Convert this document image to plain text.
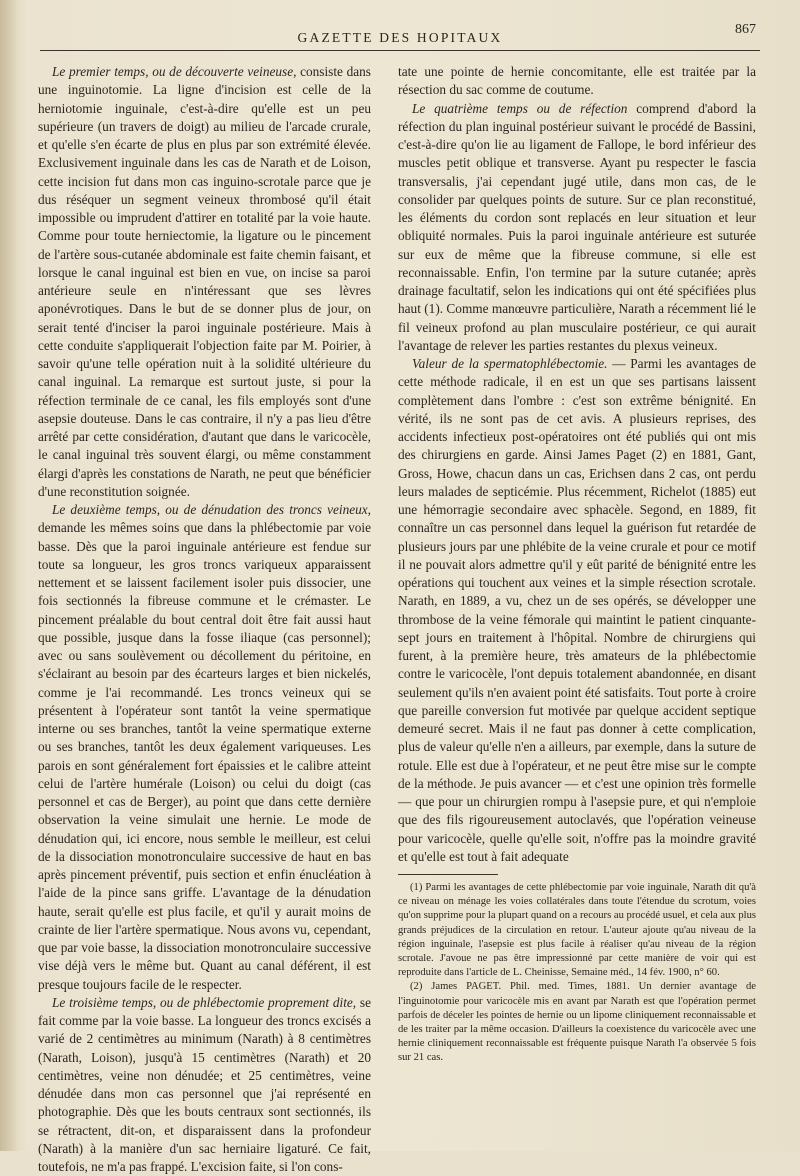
GAZETTE DES HOPITAUX
867

Le premier temps, ou de découverte veineuse, consiste dans une inguinotomie. La ligne d'incision est celle de la herniotomie inguinale, c'est-à-dire qu'elle est un peu supérieure (un travers de doigt) au milieu de l'arcade crurale, et qu'elle s'en écarte de plus en plus par son extrémité élevée. Exclusivement inguinale dans les cas de Narath et de Loison, cette incision fut dans mon cas inguino-scrotale parce que je dus réséquer un segment veineux thrombosé qu'il était impossible ou imprudent d'attirer en totalité par la voie haute. Comme pour toute herniectomie, la ligature ou le pincement de l'artère sous-cutanée abdominale est faite chemin faisant, et lorsque le canal inguinal est bien en vue, on incise sa paroi antérieure seule en n'intéressant que ses lèvres aponévrotiques. Dans le but de se donner plus de jour, on serait tenté d'inciser la paroi inguinale postérieure. Mais à cette conduite s'appliquerait l'objection faite par M. Poirier, à savoir qu'une telle opération nuit à la solidité ultérieure du canal inguinal. La remarque est surtout juste, si pour la réfection terminale de ce canal, les fils employés sont d'une asepsie douteuse. Dans le cas contraire, il n'y a pas lieu d'être arrêté par cette considération, d'autant que dans le varicocèle, le canal inguinal très souvent élargi, ou même constamment élargi d'après les constations de Narath, ne peut que bénéficier d'une reconstitution soignée.

Le deuxième temps, ou de dénudation des troncs veineux, demande les mêmes soins que dans la phlébectomie par voie basse. Dès que la paroi inguinale antérieure est fendue sur toute sa longueur, les gros troncs variqueux apparaissent nettement et se laissent facilement isoler puis dissocier, une fois sectionnés la fibreuse commune et le crémaster. Le pincement préalable du bout central doit être fait aussi haut que possible, jusque dans la fosse iliaque (cas personnel); avec ou sans soulèvement ou décollement du péritoine, en s'éclairant au besoin par des écarteurs larges et bien nickelés, comme je l'ai recommandé. Les troncs veineux qui se présentent à l'opérateur sont tantôt la veine spermatique interne ou ses branches, tantôt la veine spermatique externe ou ses branches, tantôt les deux également variqueuses. Les parois en sont généralement fort épaissies et le calibre atteint celui de l'artère humérale (Loison) ou celui du doigt (cas personnel et cas de Berger), au point que dans cette dernière observation la veine simulait une hernie. Le mode de dénudation qui, ici encore, nous semble le meilleur, est celui de la dissociation monotronculaire successive de haut en bas après pincement préventif, puis section et enfin énucléation à l'aide de la pince sans griffe. L'avantage de la dénudation haute, serait qu'elle est plus facile, et qu'il y aurait moins de crainte de lier l'artère spermatique. Nous avons vu, cependant, que par voie basse, la dissociation monotronculaire successive vise déjà vers le même but. Quant au canal déférent, il est presque toujours facile de le respecter.

Le troisième temps, ou de phlébectomie proprement dite, se fait comme par la voie basse. La longueur des troncs excisés a varié de 2 centimètres au minimum (Narath) à 8 centimètres (Narath, Loison), jusqu'à 15 centimètres (Narath) et 20 centimètres, veine non dénudée; et 25 centimètres, veine dénudée dans mon cas personnel que j'ai représenté en photographie. Dès que les bouts centraux sont sectionnés, ils se rétractent, dit-on, et disparaissent dans la profondeur (Narath) à la manière d'un sac herniaire ligaturé. Ce fait, toutefois, ne m'a pas frappé. L'excision faite, si l'on cons-

tate une pointe de hernie concomitante, elle est traitée par la résection du sac comme de coutume.

Le quatrième temps ou de réfection comprend d'abord la réfection du plan inguinal postérieur suivant le procédé de Bassini, c'est-à-dire qu'on lie au ligament de Fallope, le bord inférieur des muscles petit oblique et transverse. Ayant pu respecter le fascia transversalis, j'ai cependant jugé utile, dans mon cas, de le consolider par quelques points de suture. Sur ce plan reconstitué, les éléments du cordon sont replacés en leur situation et leur obliquité normales. Puis la paroi inguinale antérieure est suturée sur eux de même que la fibreuse commune, si elle est reconnaissable. Enfin, l'on termine par la suture cutanée; après drainage facultatif, selon les indications qui ont été spécifiées plus haut (1). Comme manœuvre particulière, Narath a récemment lié le fil veineux profond au plan musculaire postérieur, ce qui aurait l'avantage de relever les parties restantes du plexus veineux.

Valeur de la spermatophlébectomie. — Parmi les avantages de cette méthode radicale, il en est un que ses partisans laissent complètement dans l'ombre : c'est son extrême bénignité. En vérité, ils ne sont pas de cet avis. A plusieurs reprises, des accidents infectieux post-opératoires ont été publiés qui ont mis des chirurgiens en garde. Ainsi James Paget (2) en 1881, Gant, Gross, Howe, chacun dans un cas, Erichsen dans 2 cas, ont perdu leurs malades de septicémie. Plus récemment, Richelot (1885) eut une hémorragie secondaire avec sphacèle. Segond, en 1889, fit connaître un cas personnel dans lequel la guérison fut retardée de plusieurs jours par une phlébite de la veine crurale et pour ce motif il ne pouvait alors admettre qu'il y eût parité de bénignité entre les opérations qui touchent aux veines et la simple résection scrotale. Narath, en 1889, a vu, chez un de ses opérés, se développer une thrombose de la veine fémorale qui maintint le patient cinquante-sept jours en traitement à l'hôpital. Nombre de chirurgiens qui furent, à la première heure, très amateurs de la phlébectomie contre le varicocèle, l'ont depuis totalement abandonnée, en disant seulement qu'ils n'en avaient point été satisfaits. Tout porte à croire que pareille conversion fut motivée par quelque accident septique demeuré secret. Mais il ne faut pas donner à cette complication, plus de valeur qu'elle n'en a ailleurs, par exemple, dans la suture de rotule. Elle est due à l'opérateur, et ne peut être mise sur le compte de la méthode. Je puis avancer — et c'est une opinion très formelle — que pour un chirurgien rompu à l'asepsie pure, et qui n'emploie que des fils rigoureusement autoclavés, que l'opération veineuse pour varicocèle, quelle qu'elle soit, n'offre pas la moindre gravité et qu'elle est tout à fait adequate

(1) Parmi les avantages de cette phlébectomie par voie inguinale, Narath dit qu'à ce niveau on ménage les voies collatérales dans toute l'étendue du scrotum, voies qu'on supprime pour la plupart quand on a recours au procédé usuel, et cela aux plus grands préjudices de la circulation en retour. L'auteur ajoute qu'au niveau de la région inguinale, l'asepsie est plus facile à réaliser qu'au niveau de la région scrotale. J'avoue ne pas être impressionné par cette manière de voir qui est reproduite dans l'article de L. Cheinisse, Semaine méd., 14 fév. 1900, n° 60.

(2) James PAGET. Phil. med. Times, 1881. Un dernier avantage de l'inguinotomie pour varicocèle mis en avant par Narath est que l'opération permet parfois de déceler les pointes de hernie ou un lipome cliniquement reconnaissable et de les traiter par la même occasion. D'ailleurs la coexistence du varicocèle avec une hernie cliniquement reconnaissable est fréquente puisque Narath l'a observée 5 fois sur 21 cas.
